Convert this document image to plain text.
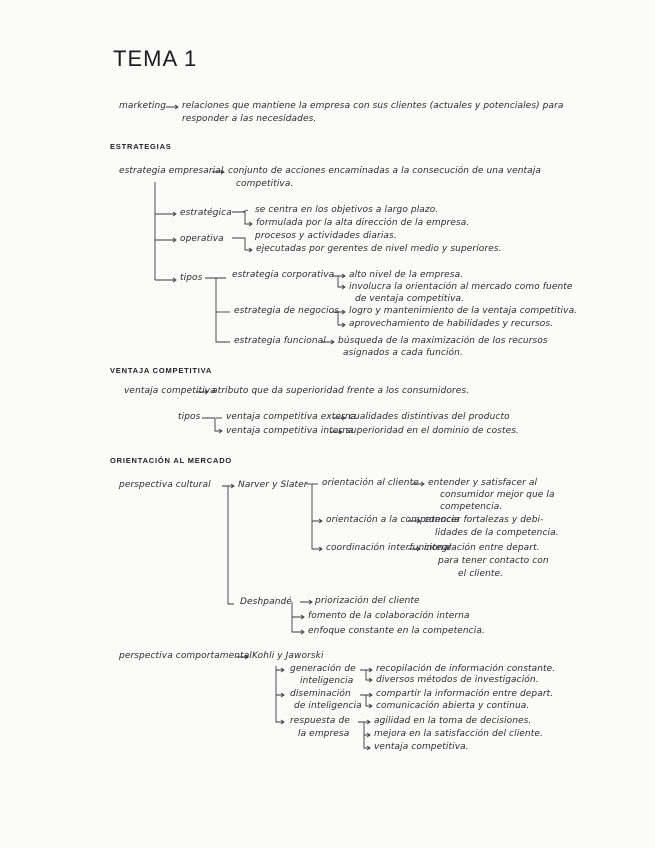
TEMA 1
marketing relaciones que mantiene la empresa con sus clientes (actuales y potenciales) para
responder a las necesidades.
ESTRATEGIAS
estrategia empresarial conjunto de acciones encaminadas a la consecución de una ventaja
competitiva.
estratégica	se centra en los objetivos a largo plazo.
formulada por la alta dirección de la empresa.
operativa	procesos y actividades diarias.
ejecutadas por gerentes de nivel medio y superiores.
tipos	estrategia corporativa alto nivel de la empresa.
involucra la orientación al mercado como fuente
de ventaja competitiva.
estrategia de negocios logro y mantenimiento de la ventaja competitiva.
aprovechamiento de habilidades y recursos.
estrategia funcional búsqueda de la maximización de los recursos
asignados a cada función.
VENTAJA COMPETITIVA
ventaja competitiva
atributo que da superioridad frente a los consumidores.
tipos	ventaja competitiva externa
cualidades distintivas del producto
ventaja competitiva interna
superioridad en el dominio de costes.
ORIENTACIÓN AL MERCADO
perspectiva cultural	Narver y Slater orientación al cliente entender y satisfacer al
consumidor mejor que la
competencia.
orientación a la competencia
conocer fortalezas y debi-
lidades de la competencia.
coordinación interfuncional
integración entre depart.
para tener contacto con
el cliente.
Deshpandé	priorización del cliente
fomento de la colaboración interna
enfoque constante en la competencia.
perspectiva comportamental Kohli y Jaworski
generación de
inteligencia
recopilación de información constante.
diversos métodos de investigación.
diseminación
de inteligencia
compartir la información entre depart.
comunicación abierta y continua.
respuesta de
la empresa
agilidad en la toma de decisiones.
mejora en la satisfacción del cliente.
ventaja competitiva.
